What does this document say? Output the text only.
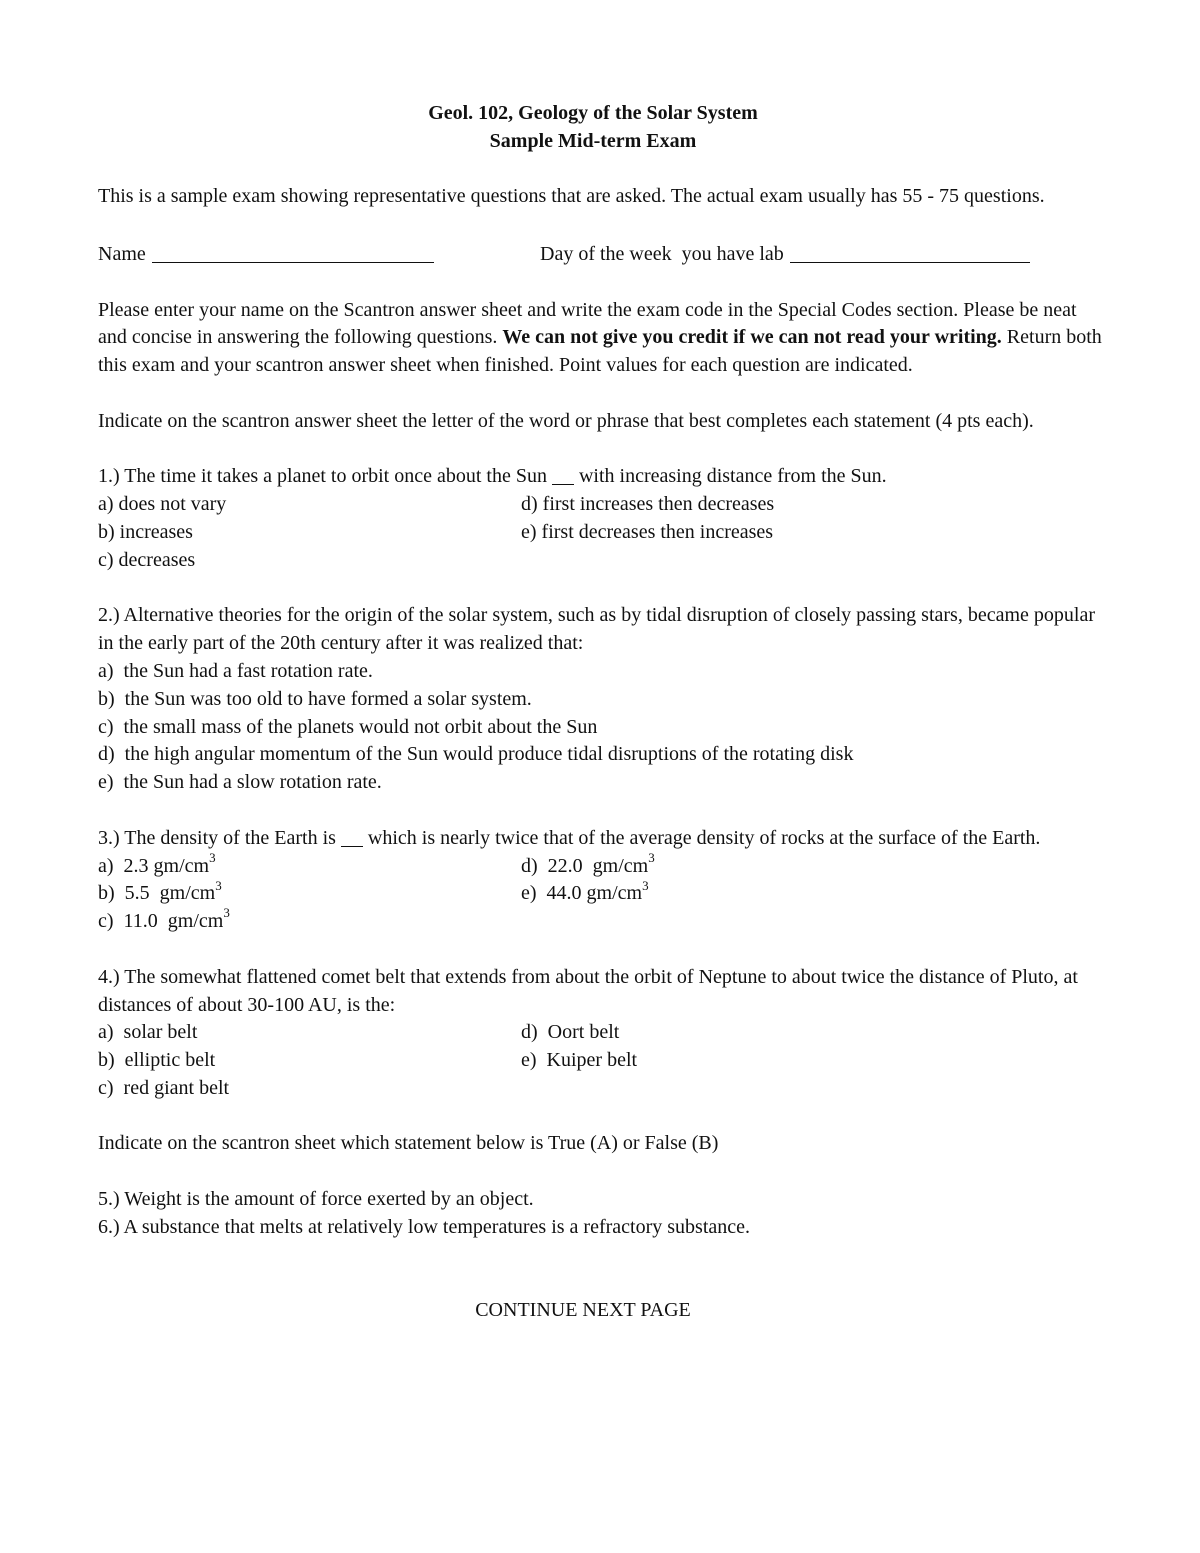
Geol. 102, Geology of the Solar System

Sample Mid-term Exam

This is a sample exam showing representative questions that are asked. The actual exam usually has 55 - 75 questions.

Name	Day of the week  you have lab

Please enter your name on the Scantron answer sheet and write the exam code in the Special Codes section. Please be neat and concise in answering the following questions. We can not give you credit if we can not read your writing. Return both this exam and your scantron answer sheet when finished. Point values for each question are indicated.

Indicate on the scantron answer sheet the letter of the word or phrase that best completes each statement (4 pts each).

1.) The time it takes a planet to orbit once about the Sun with increasing distance from the Sun.

a) does not vary	d) first increases then decreases
b) increases	e) first decreases then increases
c) decreases

2.) Alternative theories for the origin of the solar system, such as by tidal disruption of closely passing stars, became popular in the early part of the 20th century after it was realized that:

a)  the Sun had a fast rotation rate.

b)  the Sun was too old to have formed a solar system.

c)  the small mass of the planets would not orbit about the Sun

d)  the high angular momentum of the Sun would produce tidal disruptions of the rotating disk

e)  the Sun had a slow rotation rate.

3.) The density of the Earth is which is nearly twice that of the average density of rocks at the surface of the Earth.

a)  2.3 $gm/cm^3$	d)  22.0  $gm/cm^3$
b)  5.5  $gm/cm^3$	e)  44.0 $gm/cm^3$
c)  11.0  $gm/cm^3$

4.) The somewhat flattened comet belt that extends from about the orbit of Neptune to about twice the distance of Pluto, at distances of about 30-100 AU, is the:

a)  solar belt	d)  Oort belt
b)  elliptic belt	e)  Kuiper belt
c)  red giant belt

Indicate on the scantron sheet which statement below is True (A) or False (B)

5.) Weight is the amount of force exerted by an object.

6.) A substance that melts at relatively low temperatures is a refractory substance.

CONTINUE NEXT PAGE
